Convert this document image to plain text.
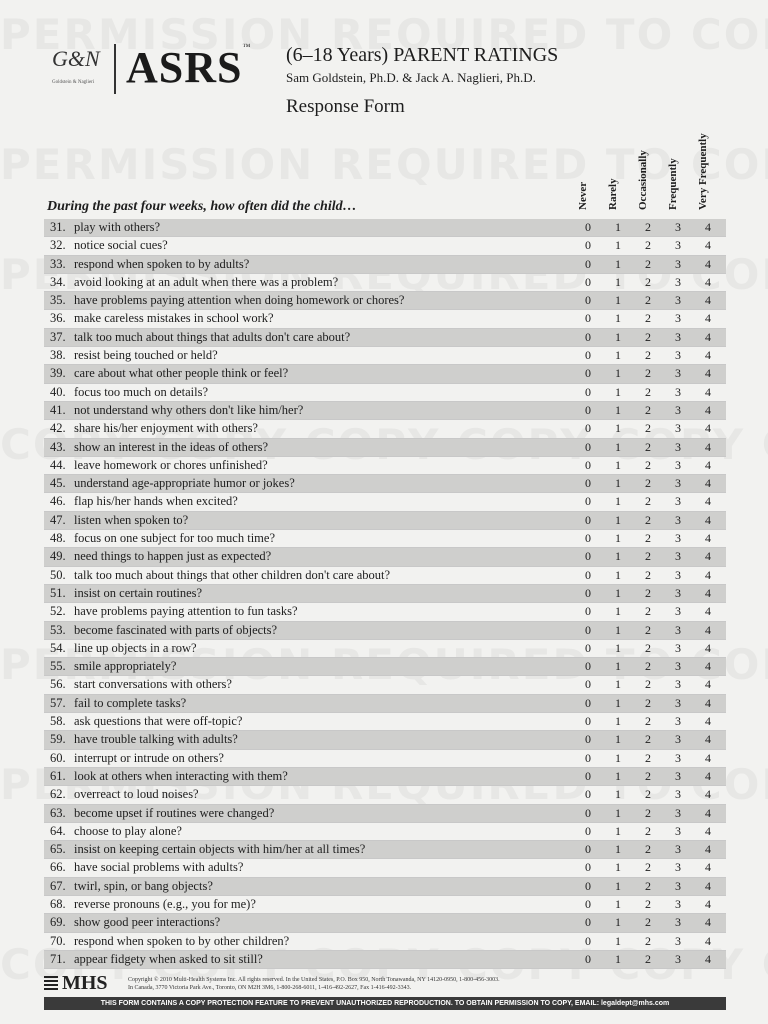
G&N
Goldstein & Naglieri ASRS™ (6–18 Years) PARENT RATINGS
Sam Goldstein, Ph.D. & Jack A. Naglieri, Ph.D.
Response Form
Never Rarely Occasionally Frequently Very Frequently
During the past four weeks, how often did the child…
31. play with others?	0	1	2	3	4
32. notice social cues?	0	1	2	3	4
33. respond when spoken to by adults?	0	1	2	3	4
34. avoid looking at an adult when there was a problem?	0	1	2	3	4
35. have problems paying attention when doing homework or chores?	0	1	2	3	4
36. make careless mistakes in school work?	0	1	2	3	4
37. talk too much about things that adults don't care about?	0	1	2	3	4
38. resist being touched or held?	0	1	2	3	4
39. care about what other people think or feel?	0	1	2	3	4
40. focus too much on details?	0	1	2	3	4
41. not understand why others don't like him/her?	0	1	2	3	4
42. share his/her enjoyment with others?	0	1	2	3	4
43. show an interest in the ideas of others?	0	1	2	3	4
44. leave homework or chores unfinished?	0	1	2	3	4
45. understand age-appropriate humor or jokes?	0	1	2	3	4
46. flap his/her hands when excited?	0	1	2	3	4
47. listen when spoken to?	0	1	2	3	4
48. focus on one subject for too much time?	0	1	2	3	4
49. need things to happen just as expected?	0	1	2	3	4
50. talk too much about things that other children don't care about?	0	1	2	3	4
51. insist on certain routines?	0	1	2	3	4
52. have problems paying attention to fun tasks?	0	1	2	3	4
53. become fascinated with parts of objects?	0	1	2	3	4
54. line up objects in a row?	0	1	2	3	4
55. smile appropriately?	0	1	2	3	4
56. start conversations with others?	0	1	2	3	4
57. fail to complete tasks?	0	1	2	3	4
58. ask questions that were off-topic?	0	1	2	3	4
59. have trouble talking with adults?	0	1	2	3	4
60. interrupt or intrude on others?	0	1	2	3	4
61. look at others when interacting with them?	0	1	2	3	4
62. overreact to loud noises?	0	1	2	3	4
63. become upset if routines were changed?	0	1	2	3	4
64. choose to play alone?	0	1	2	3	4
65. insist on keeping certain objects with him/her at all times?	0	1	2	3	4
66. have social problems with adults?	0	1	2	3	4
67. twirl, spin, or bang objects?	0	1	2	3	4
68. reverse pronouns (e.g., you for me)?	0	1	2	3	4
69. show good peer interactions?	0	1	2	3	4
70. respond when spoken to by other children?	0	1	2	3	4
71. appear fidgety when asked to sit still?	0	1	2	3	4
MHS	Copyright © 2010 Multi-Health Systems Inc. All rights reserved. In the United States, P.O. Box 950, North Tonawanda, NY 14120-0950, 1-800-456-3003.
In Canada, 3770 Victoria Park Ave., Toronto, ON M2H 3M6, 1-800-268-6011, 1-416-492-2627, Fax 1-416-492-3343.
THIS FORM CONTAINS A COPY PROTECTION FEATURE TO PREVENT UNAUTHORIZED REPRODUCTION. TO OBTAIN PERMISSION TO COPY, EMAIL: legaldept@mhs.com
